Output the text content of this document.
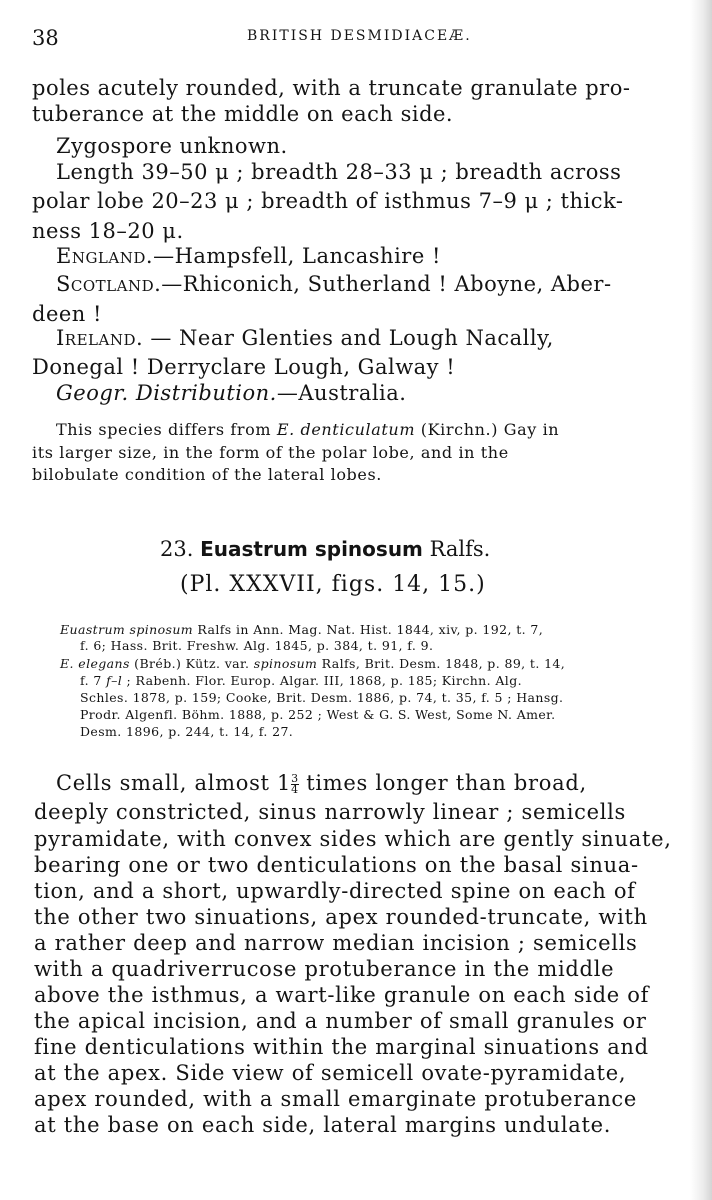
38	BRITISH DESMIDIACEÆ.
poles acutely rounded, with a truncate granulate pro-
tuberance at the middle on each side.
Zygospore unknown.
Length 39–50 μ ; breadth 28–33 μ ; breadth across
polar lobe 20–23 μ ; breadth of isthmus 7–9 μ ; thick-
ness 18–20 μ.
England.—Hampsfell, Lancashire !
Scotland.—Rhiconich, Sutherland ! Aboyne, Aber-
deen !
Ireland. — Near Glenties and Lough Nacally,
Donegal ! Derryclare Lough, Galway !
Geogr. Distribution.—Australia.
This species differs from E. denticulatum (Kirchn.) Gay in
its larger size, in the form of the polar lobe, and in the
bilobulate condition of the lateral lobes.
23. Euastrum spinosum Ralfs.
(Pl. XXXVII, figs. 14, 15.)
Euastrum spinosum Ralfs in Ann. Mag. Nat. Hist. 1844, xiv, p. 192, t. 7,
f. 6; Hass. Brit. Freshw. Alg. 1845, p. 384, t. 91, f. 9.
E. elegans (Bréb.) Kütz. var. spinosum Ralfs, Brit. Desm. 1848, p. 89, t. 14,
f. 7 f–l ; Rabenh. Flor. Europ. Algar. III, 1868, p. 185; Kirchn. Alg.
Schles. 1878, p. 159; Cooke, Brit. Desm. 1886, p. 74, t. 35, f. 5 ; Hansg.
Prodr. Algenfl. Böhm. 1888, p. 252 ; West & G. S. West, Some N. Amer.
Desm. 1896, p. 244, t. 14, f. 27.
Cells small, almost $1 \frac{3}{4}$ times longer than broad,
deeply constricted, sinus narrowly linear ; semicells
pyramidate, with convex sides which are gently sinuate,
bearing one or two denticulations on the basal sinua-
tion, and a short, upwardly-directed spine on each of
the other two sinuations, apex rounded-truncate, with
a rather deep and narrow median incision ; semicells
with a quadriverrucose protuberance in the middle
above the isthmus, a wart-like granule on each side of
the apical incision, and a number of small granules or
fine denticulations within the marginal sinuations and
at the apex. Side view of semicell ovate-pyramidate,
apex rounded, with a small emarginate protuberance
at the base on each side, lateral margins undulate.
